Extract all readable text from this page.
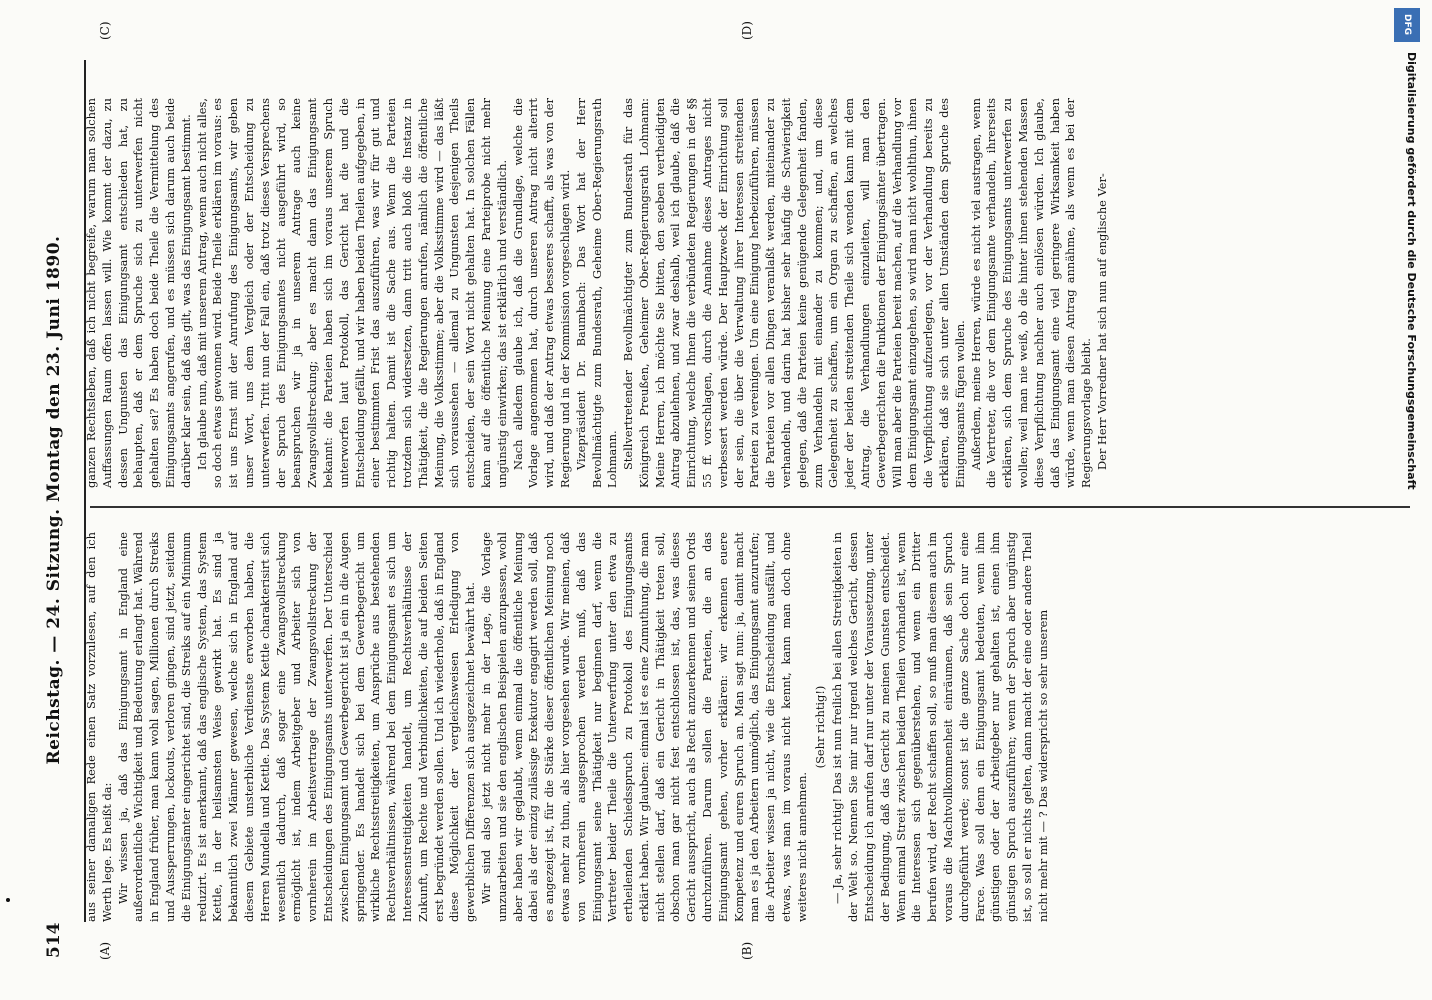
514
Reichstag. — 24. Sitzung. Montag den 23. Juni 1890.
(A)	(B)
(C)	(D)

aus seiner damaligen Rede einen Satz vorzulesen, auf den ich Werth lege. Es heißt da: Wir wissen ja, daß das Einigungsamt in England eine außerordentliche Wichtigkeit und Bedeutung erlangt hat. Während in England früher, man kann wohl sagen, Millionen durch Streiks und Aussperrungen, lockouts, verloren gingen, sind jetzt, seitdem die Einigungsämter eingerichtet sind, die Streiks auf ein Minimum reduzirt. Es ist anerkannt, daß das englische System, das System Kettle, in der heilsamsten Weise gewirkt hat. Es sind ja bekanntlich zwei Männer gewesen, welche sich in England auf diesem Gebiete unsterbliche Verdienste erworben haben, die Herren Mundella und Kettle. Das System Kettle charakterisirt sich wesentlich dadurch, daß sogar eine Zwangsvollstreckung ermöglicht ist, indem Arbeitgeber und Arbeiter sich von vornherein im Arbeitsvertrage der Zwangsvollstreckung der Entscheidungen des Einigungsamts unterwerfen. Der Unterschied zwischen Einigungsamt und Gewerbegericht ist ja ein in die Augen springender. Es handelt sich bei dem Gewerbegericht um wirkliche Rechtsstreitigkeiten, um Ansprüche aus bestehenden Rechtsverhältnissen, während bei dem Einigungsamt es sich um Interessenstreitigkeiten handelt, um Rechtsverhältnisse der Zukunft, um Rechte und Verbindlichkeiten, die auf beiden Seiten erst begründet werden sollen. Und ich wiederhole, daß in England diese Möglichkeit der vergleichsweisen Erledigung von gewerblichen Differenzen sich ausgezeichnet bewährt hat. Wir sind also jetzt nicht mehr in der Lage, die Vorlage umzuarbeiten und sie den englischen Beispielen anzupassen, wohl aber haben wir geglaubt, wenn einmal die öffentliche Meinung dabei als der einzig zulässige Exekutor engagirt werden soll, daß es angezeigt ist, für die Stärke dieser öffentlichen Meinung noch etwas mehr zu thun, als hier vorgesehen wurde. Wir meinen, daß von vornherein ausgesprochen werden muß, daß das Einigungsamt seine Thätigkeit nur beginnen darf, wenn die Vertreter beider Theile die Unterwerfung unter den etwa zu ertheilenden Schiedsspruch zu Protokoll des Einigungsamts erklärt haben. Wir glauben: einmal ist es eine Zumuthung, die man nicht stellen darf, daß ein Gericht in Thätigkeit treten soll, obschon man gar nicht fest entschlossen ist, das, was dieses Gericht ausspricht, auch als Recht anzuerkennen und seinen Ords durchzuführen. Darum sollen die Parteien, die an das Einigungsamt gehen, vorher erklären: wir erkennen euere Kompetenz und euren Spruch an. Man sagt nun: ja, damit macht man es ja den Arbeitern unmöglich, das Einigungsamt anzurufen; die Arbeiter wissen ja nicht, wie die Entscheidung ausfällt, und etwas, was man im voraus nicht kennt, kann man doch ohne weiteres nicht annehmen.

(Sehr richtig!) — Ja, sehr richtig! Das ist nun freilich bei allen Streitigkeiten in der Welt so. Nennen Sie mir nur irgend welches Gericht, dessen Entscheidung ich anrufen darf nur unter der Voraussetzung, unter der Bedingung, daß das Gericht zu meinen Gunsten entscheidet. Wenn einmal Streit zwischen beiden Theilen vorhanden ist, wenn die Interessen sich gegenüberstehen, und wenn ein Dritter berufen wird, der Recht schaffen soll, so muß man diesem auch im voraus die Machtvollkommenheit einräumen, daß sein Spruch durchgeführt werde; sonst ist die ganze Sache doch nur eine Farce. Was soll denn ein Einigungsamt bedeuten, wenn ihm günstigen oder der Arbeitgeber nur gehalten ist, einen ihm günstigen Spruch auszuführen; wenn der Spruch aber ungünstig ist, so soll er nichts gelten, dann macht der eine oder andere Theil nicht mehr mit — ? Das widerspricht so sehr unserem

ganzen Rechtsleben, daß ich nicht begreife, warum man solchen Auffassungen Raum offen lassen will. Wie kommt der dazu, zu dessen Ungunsten das Einigungsamt entschieden hat, zu behaupten, daß er dem Spruche sich zu unterwerfen nicht gehalten sei? Es haben doch beide Theile die Vermittelung des Einigungsamts angerufen, und es müssen sich darum auch beide darüber klar sein, daß das gilt, was das Einigungsamt bestimmt. Ich glaube nun, daß mit unserem Antrag, wenn auch nicht alles, so doch etwas gewonnen wird. Beide Theile erklären im voraus: es ist uns Ernst mit der Anrufung des Einigungsamts, wir geben unser Wort, uns dem Vergleich oder der Entscheidung zu unterwerfen. Tritt nun der Fall ein, daß trotz dieses Versprechens der Spruch des Einigungsamtes nicht ausgeführt wird, so beanspruchen wir ja in unserem Antrage auch keine Zwangsvollstreckung; aber es macht dann das Einigungsamt bekannt: die Parteien haben sich im voraus unserem Spruch unterworfen laut Protokoll, das Gericht hat die und die Entscheidung gefällt, und wir haben beiden Theilen aufgegeben, in einer bestimmten Frist das auszuführen, was wir für gut und richtig halten. Damit ist die Sache aus. Wenn die Parteien trotzdem sich widersetzen, dann tritt auch bloß die Instanz in Thätigkeit, die die Regierungen anrufen, nämlich die öffentliche Meinung, die Volksstimme; aber die Volksstimme wird — das läßt sich voraussehen — allemal zu Ungunsten desjenigen Theils entscheiden, der sein Wort nicht gehalten hat. In solchen Fällen kann auf die öffentliche Meinung eine Parteiprobe nicht mehr ungünstig einwirken; das ist erklärlich und verständlich. Nach alledem glaube ich, daß die Grundlage, welche die Vorlage angenommen hat, durch unseren Antrag nicht alterirt wird, und daß der Antrag etwas besseres schafft, als was von der Regierung und in der Kommission vorgeschlagen wird. Vizepräsident Dr. Baumbach: Das Wort hat der Herr Bevollmächtigte zum Bundesrath, Geheime Ober-Regierungsrath Lohmann. Stellvertretender Bevollmächtigter zum Bundesrath für das Königreich Preußen, Geheimer Ober-Regierungsrath Lohmann: Meine Herren, ich möchte Sie bitten, den soeben vertheidigten Antrag abzulehnen, und zwar deshalb, weil ich glaube, daß die Einrichtung, welche Ihnen die verbündeten Regierungen in der §§ 55 ff. vorschlagen, durch die Annahme dieses Antrages nicht verbessert werden würde. Der Hauptzweck der Einrichtung soll der sein, die über die Verwaltung ihrer Interessen streitenden Parteien zu vereinigen. Um eine Einigung herbeizuführen, müssen die Parteien vor allen Dingen veranlaßt werden, miteinander zu verhandeln, und darin hat bisher sehr häufig die Schwierigkeit gelegen, daß die Parteien keine genügende Gelegenheit fanden, zum Verhandeln mit einander zu kommen; und, um diese Gelegenheit zu schaffen, um ein Organ zu schaffen, an welches jeder der beiden streitenden Theile sich wenden kann mit dem Antrag, die Verhandlungen einzuleiten, will man den Gewerbegerichten die Funktionen der Einigungsämter übertragen. Will man aber die Parteien bereit machen, auf die Verhandlung vor dem Einigungsamt einzugehen, so wird man nicht wohlthun, ihnen die Verpflichtung aufzuerlegen, vor der Verhandlung bereits zu erklären, daß sie sich unter allen Umständen dem Spruche des Einigungsamts fügen wollen. Außerdem, meine Herren, würde es nicht viel austragen, wenn die Vertreter, die vor dem Einigungsamte verhandeln, ihrerseits erklären, sich dem Spruche des Einigungsamts unterwerfen zu wollen; weil man nie weiß, ob die hinter ihnen stehenden Massen diese Verpflichtung nachher auch einlösen würden. Ich glaube, daß das Einigungsamt eine viel geringere Wirksamkeit haben würde, wenn man diesen Antrag annähme, als wenn es bei der Regierungsvorlage bleibt. Der Herr Vorredner hat sich nun auf englische Ver-

DFG
Digitalisierung gefördert durch die Deutsche Forschungsgemeinschaft
